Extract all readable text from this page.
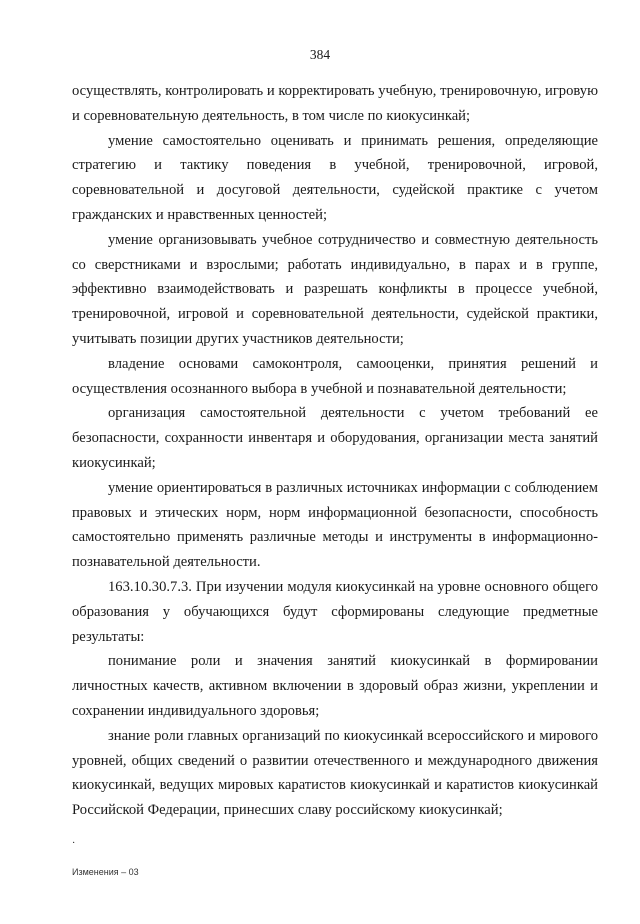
384

осуществлять, контролировать и корректировать учебную, тренировочную, игровую и соревновательную деятельность, в том числе по киокусинкай;

умение самостоятельно оценивать и принимать решения, определяющие стратегию и тактику поведения в учебной, тренировочной, игровой, соревновательной и досуговой деятельности, судейской практике с учетом гражданских и нравственных ценностей;

умение организовывать учебное сотрудничество и совместную деятельность со сверстниками и взрослыми; работать индивидуально, в парах и в группе, эффективно взаимодействовать и разрешать конфликты в процессе учебной, тренировочной, игровой и соревновательной деятельности, судейской практики, учитывать позиции других участников деятельности;

владение основами самоконтроля, самооценки, принятия решений и осуществления осознанного выбора в учебной и познавательной деятельности;

организация самостоятельной деятельности с учетом требований ее безопасности, сохранности инвентаря и оборудования, организации места занятий киокусинкай;

умение ориентироваться в различных источниках информации с соблюдением правовых и этических норм, норм информационной безопасности, способность самостоятельно применять различные методы и инструменты в информационно-познавательной деятельности.

163.10.30.7.3. При изучении модуля киокусинкай на уровне основного общего образования у обучающихся будут сформированы следующие предметные результаты:

понимание роли и значения занятий киокусинкай в формировании личностных качеств, активном включении в здоровый образ жизни, укреплении и сохранении индивидуального здоровья;

знание роли главных организаций по киокусинкай всероссийского и мирового уровней, общих сведений о развитии отечественного и международного движения киокусинкай, ведущих мировых каратистов киокусинкай и каратистов киокусинкай Российской Федерации, принесших славу российскому киокусинкай;

·
Изменения – 03
